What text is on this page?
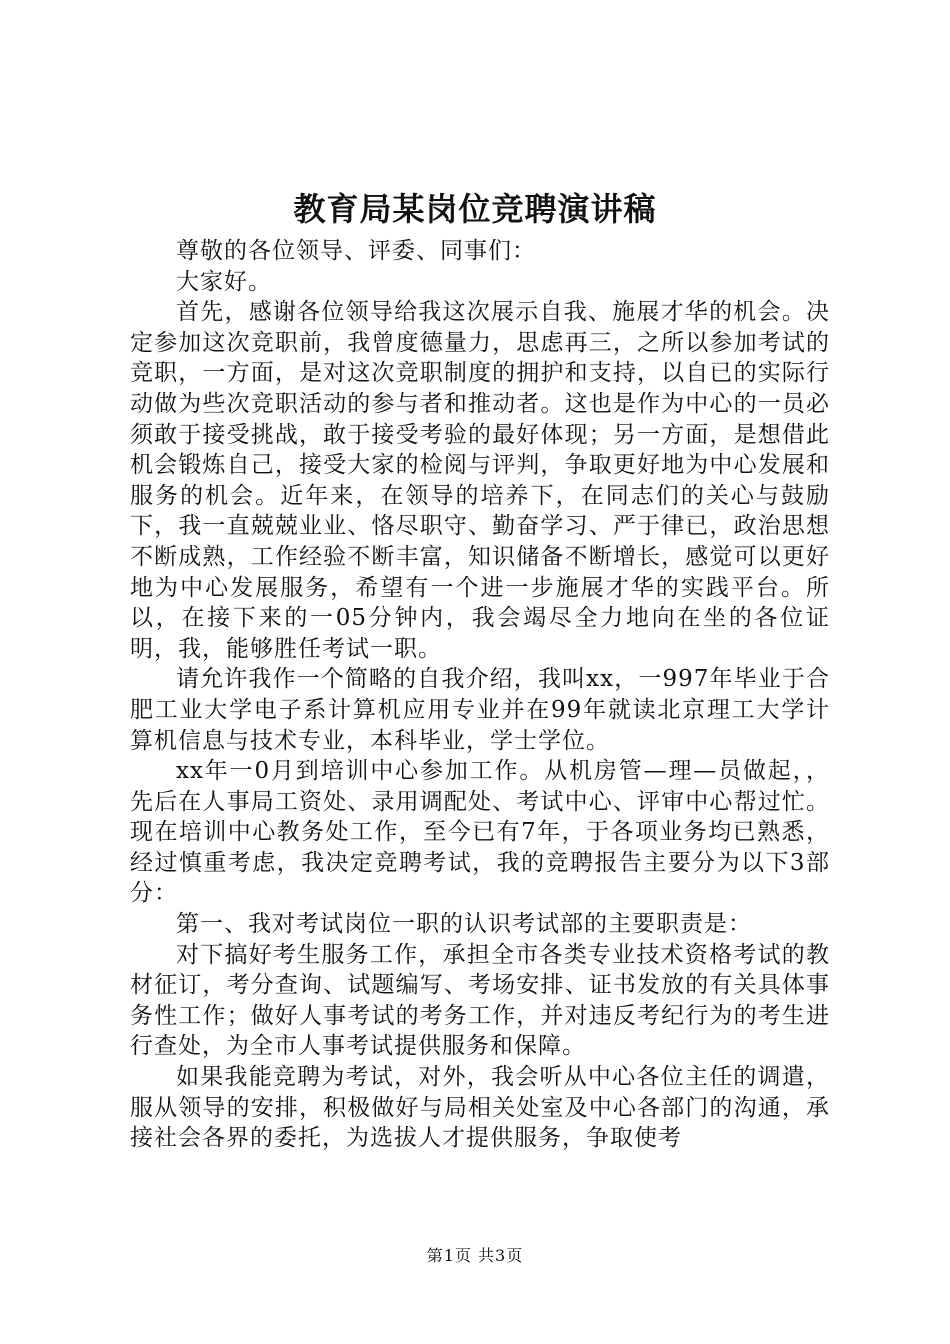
教育局某岗位竞聘演讲稿

尊敬的各位领导、评委、同事们：

大家好。

首先，感谢各位领导给我这次展示自我、施展才华的机会。决定参加这次竞职前，我曾度德量力，思虑再三，之所以参加考试的竞职，一方面，是对这次竞职制度的拥护和支持，以自已的实际行动做为些次竞职活动的参与者和推动者。这也是作为中心的一员必须敢于接受挑战，敢于接受考验的最好体现；另一方面，是想借此机会锻炼自己，接受大家的检阅与评判，争取更好地为中心发展和服务的机会。近年来，在领导的培养下，在同志们的关心与鼓励下，我一直兢兢业业、恪尽职守、勤奋学习、严于律已，政治思想不断成熟，工作经验不断丰富，知识储备不断增长，感觉可以更好地为中心发展服务，希望有一个进一步施展才华的实践平台。所以，在接下来的一05分钟内，我会竭尽全力地向在坐的各位证明，我，能够胜任考试一职。

请允许我作一个简略的自我介绍，我叫xx，一997年毕业于合肥工业大学电子系计算机应用专业并在99年就读北京理工大学计算机信息与技术专业，本科毕业，学士学位。

xx年一0月到培训中心参加工作。从机房管—理—员做起，，先后在人事局工资处、录用调配处、考试中心、评审中心帮过忙。现在培训中心教务处工作，至今已有7年，于各项业务均已熟悉，经过慎重考虑，我决定竞聘考试，我的竞聘报告主要分为以下3部分：

第一、我对考试岗位一职的认识考试部的主要职责是：

对下搞好考生服务工作，承担全市各类专业技术资格考试的教材征订，考分查询、试题编写、考场安排、证书发放的有关具体事务性工作；做好人事考试的考务工作，并对违反考纪行为的考生进行查处，为全市人事考试提供服务和保障。

如果我能竞聘为考试，对外，我会听从中心各位主任的调遣，服从领导的安排，积极做好与局相关处室及中心各部门的沟通，承接社会各界的委托，为选拔人才提供服务，争取使考

第1页 共3页
